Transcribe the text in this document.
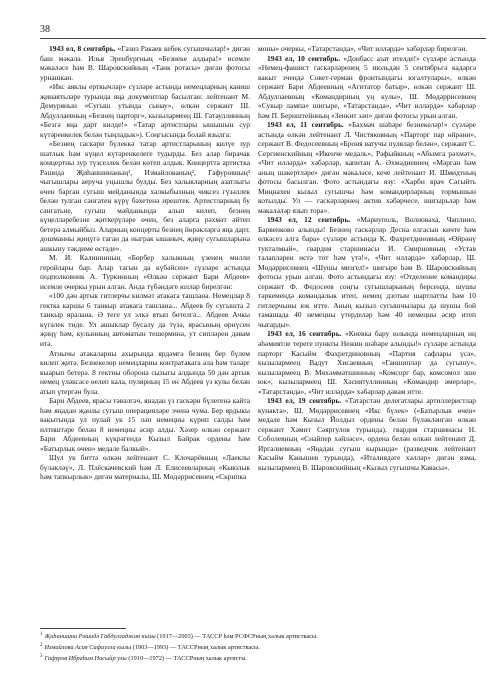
38

1943 ел, 8 сентябрь. «Газиз Ракаев кебек сугышчылар!» дигән баш мәкалә. Илья Эренбургның «Безнеке алдыра!» исемле мәкаләсе һәм В. Шаровскийның «Танк ротасы» дигән фотосы урнашкан.

«Икс аяклы ерткычлар» сүзләре астында немецларның каниш җинаятьләре турында яңа документлар басылган: лейтенант М. Демурянын «Сугыш утында сынау», өлкән сержант Ш. Абдуллаевның «Безнең парторг», кызылармеец Ш. Гатауллинның «Безгә яңа дарт килде!» «Татар артистлары ышышын сур күтәренкелек белән тыңладык»). Соңгысында болай язылга:

«Безнең гаскәри бүлеккә татар артистларының килүе зур шатлык һәм күңел күтәренкелеге тудырды. Без алар бирачак концертны зур түзсезлек белән көтеп алдык. Концертта артистка Рәшидә Җиһаншинаның¹, Измайлованың², Гафуровның³ чыгышлары аеруча уңышлы булды. Без халыкларның азатлыгы өчен барган сугыш мейданында халкыбызның чиксез гүзәллек белән тулган сәнгатен күрү бәхетенә ирештек. Артистларның бу сәнгатьне, сугыш мәйданында алып килеп, безнең күңелләребезне җиткерүләре өчен, без аларга рәхмәт әйтеп бетерә алмыйбыз. Аларның концерты безнең йөрәкләргә яңа дарт, дошманны җиңүгә таган да ныграк ышаныч, җиңү сугышларына ашкыну тәкдиме өстәде».

М. И. Калининның «Бөрбер халыкның үзенең милли геройлары бар. Алар тагын да күбәйсен» сүзләре астында подполковник А. Туркинның «Өлкән сержант Бари Абдеев» исемле очеркы урын алган. Анда түбәндәге юллар бирелгән:

«100 дән артык гитлерчы килмәт атакага ташлана. Немецлар 8 гектка каршы 6 танкыр атакага ташлана... Абдеев бу сугышта 2 танкыр яралана. Ә теге ул элкә ятып бөтелгә... Абдеев Ачкы күгәлек тиде. Ул ашыклар бусалу да түзә, ярасының өрнүсен җиңү һәм, кулынның автоматын тешерминә, ут сипләрен дәвам итә.

Атнычы атакаларны ахырында ярдәмгә безнең бер бүлем килеп җитә. Безнекелөр немецларны контратакага ала һәм таларг кыарып бетерә. 8 гектны оборона сызыгы алдында 50 дән артык немец үләксәсе өелеп кала, пулярның 15 ен Абдеев үз кулы белән атып үтергән була.

Бари Абдеев, ярасы тәвәлгәч, янадан үз гаскәрн бүлегенә кайта һәм яңадан җанлы сугыш операцияләре эченә чума. Бер ярдыкы вакытында ул пулай ук 15 ләп немецны күрип салды һәм илтиштәре белән 8 немецны әсир алды. Хәзер өлкән сержант Бари Абдеевның күкрәгендә Кызыл Байрак ордены һәм «Батырлык өчен» медале балкый».

Шул ук биттә өлкән лейтенант С. Клочарёвның «Лаеклы бүләкләү», Л. Плёскачевский һәм Л. Елисеевларның «Кыюлык һәм тапкырлык» дигән материалы, Ш. Мөдәррисевнең «Скрипка

моны» очеркы, «Татарстанда», «Чит илләрдә» хәбәрләр бирелгән.

1943 ел, 10 сентябрь. «Донбасс азат ителде!» сүзләре астында «Немец-фашист гаскәрләренең 5 июльдән 5 сентябрьгә кадәргә вакыт эчендә Совет-герман фронтындагы югалтулары», өлкән сержант Бари Абдеевның «Агитатор батыр», өлкән сержант Ш. Абдуллаевның «Командирның уң кулы», Ш. Мөдәррисевнең «Сукыр лампа» шигыре, «Татарстанда», «Чит илләрдә» хәбәрләр һәм П. Бернштейнның «Зенкит зәп» дигән фотосы урын алган.

1943 ел, 11 сентябрь. «Бахмач шәһәре безнекеләр!» сүзләре астында өлкән лейтенант Л. Чистяковның «Парторг пар өйрәни», сержант В. Федосеевның «Броня ватучы пулялар белән», сержант С. Сергиенскийның «Икенче медаль», Рәфыйкның «Абымга рәхмәт», «Чит илләрдә» хәбәрләр, капитан А. Әхмәдиевнең «Мәрган һәм аның шәкертләре» дигән мәкаләсе, кече лейтенант И. Шмидтның фотосы басылган. Фото астындагы язу: «Харби врач Сәгыйть Миңнахев кызыл сугышчы һәм командирларның тормышын котылды. Ул — гаскәрләрнең актив хәбәрчесе, шигырьләр һәм мәкаләләр язып тора».

1943 ел, 12 сентябрь. «Мариуполь, Волноваха, Чаплино, Барвенково алынды! Безнең гаскәрләр Десна елгасын кичте һәм өлкәсез алга бара» сүзләре астында К. Фахретдиновның «Өйрәнү тукталмый», гвардия старшинасы И. Смирновның «Устав талапләрен истә тот һәм үтә!», «Чит илләрдә» хәбәрләр, Ш. Мөдәррисевнең «Шушы мизгел!» шигыре һәм В. Шаровскийның фотосы урын алган. Фото астындагы язу: «Отделение командиры сержант Ф. Федосеев соңгы сугышларының берсендә, шушы тәркемендә командалык итеп, немец дзотын шартлатты һәм 10 гитлерчыны юк итте. Аның кызыл сугышчылары да шушы бой тамашада 40 немецны үтерделәр һәм 40 немецны әсир итеп чыгарды».

1943 ел, 16 сентябрь. «Киевка бару юлында немецларның иң әһәмиятле тереге пункты Нежин шәһәре алынды!» сүзләре астында парторг Касыйм Фахретдиновның «Партия сафлары үсә», кызылармеец Вадут Хисаевның «Гаишипләр да сугышу», кызылармеец В. Мөхәммәтшинның «Комсорг бар, комсомол эше юк», кызылармеец Ш. Хәсиятуллинның «Командир әмерләр», «Татарстанда», «Чит илләрдә» хәбәрләр дәвам итте.

1943 ел, 19 сентябрь. «Татарстан делегатлары артиллеристлар кунакта», Ш. Мөдәррисевнең «Икс бүлек» («Батырлык өчен» медале һәм Кызыл Йолдыз ордены белән бүләкләнгән өлкән сержант Хәмит Сәяргулов турында), гвардия старшинасы Н. Соболевның «Снайпер хәйләсе», ордена белән өлкән лейтенант Д. Иргалиевның «Яңадан сугыш кырында» (разведчик лейтенант Касыйм Канышев турында), «Италиядәге хәлләр» дигән язма, кызылармеец В. Шаровскийның «Кызыл сугышчы Кавасы».

$^1$ Җиһаншина Рәшидә Габдулладжан кызы (1917—2003) — ТАССР һәм РСФСРның халык артисткасы.
$^2$ Измайлова Асия Сафиулла кызы (1903—1993) — ТАССРның халык артисткасы.
$^3$ Гафуров Ибраһим Насыйр улы (1910—1972) — ТАССРның халык артисты.
